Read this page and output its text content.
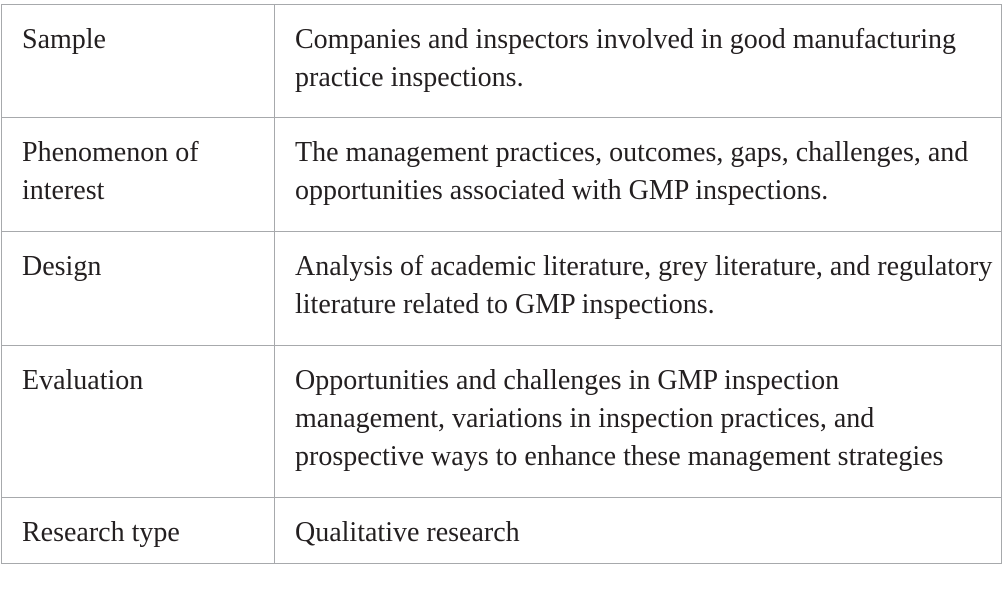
Sample	Companies and inspectors involved in good manufacturing practice inspections.
Phenomenon of interest	The management practices, outcomes, gaps, challenges, and opportunities associated with GMP inspections.
Design	Analysis of academic literature, grey literature, and regulatory literature related to GMP inspections.
Evaluation	Opportunities and challenges in GMP inspection management, variations in inspection practices, and prospective ways to enhance these management strategies
Research type	Qualitative research
